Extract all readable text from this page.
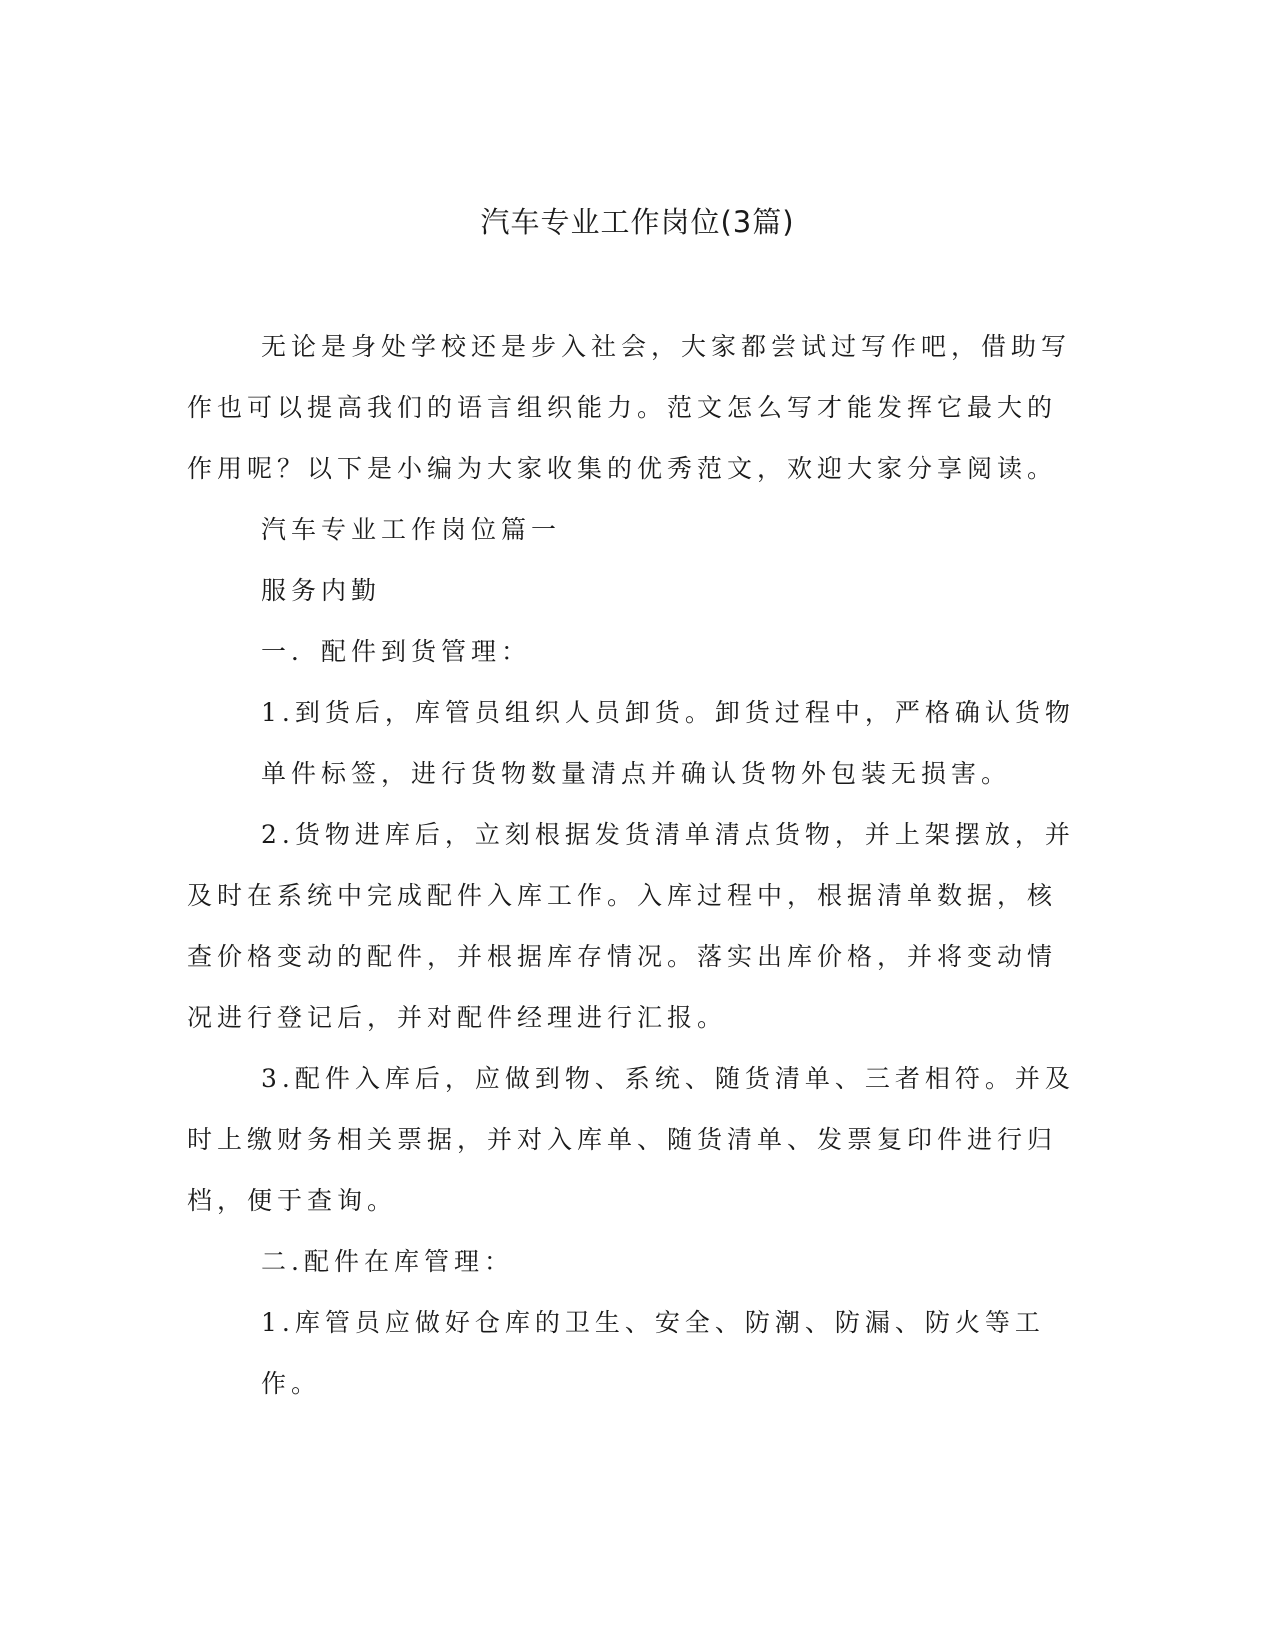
汽车专业工作岗位(3篇)

无论是身处学校还是步入社会，大家都尝试过写作吧，借助写作也可以提高我们的语言组织能力。范文怎么写才能发挥它最大的作用呢？以下是小编为大家收集的优秀范文，欢迎大家分享阅读。

汽车专业工作岗位篇一

服务内勤

一．配件到货管理：

1.到货后，库管员组织人员卸货。卸货过程中，严格确认货物单件标签，进行货物数量清点并确认货物外包装无损害。

2.货物进库后，立刻根据发货清单清点货物，并上架摆放，并及时在系统中完成配件入库工作。入库过程中，根据清单数据，核查价格变动的配件，并根据库存情况。落实出库价格，并将变动情况进行登记后，并对配件经理进行汇报。

3.配件入库后，应做到物、系统、随货清单、三者相符。并及时上缴财务相关票据，并对入库单、随货清单、发票复印件进行归档，便于查询。

二.配件在库管理：

1.库管员应做好仓库的卫生、安全、防潮、防漏、防火等工作。
